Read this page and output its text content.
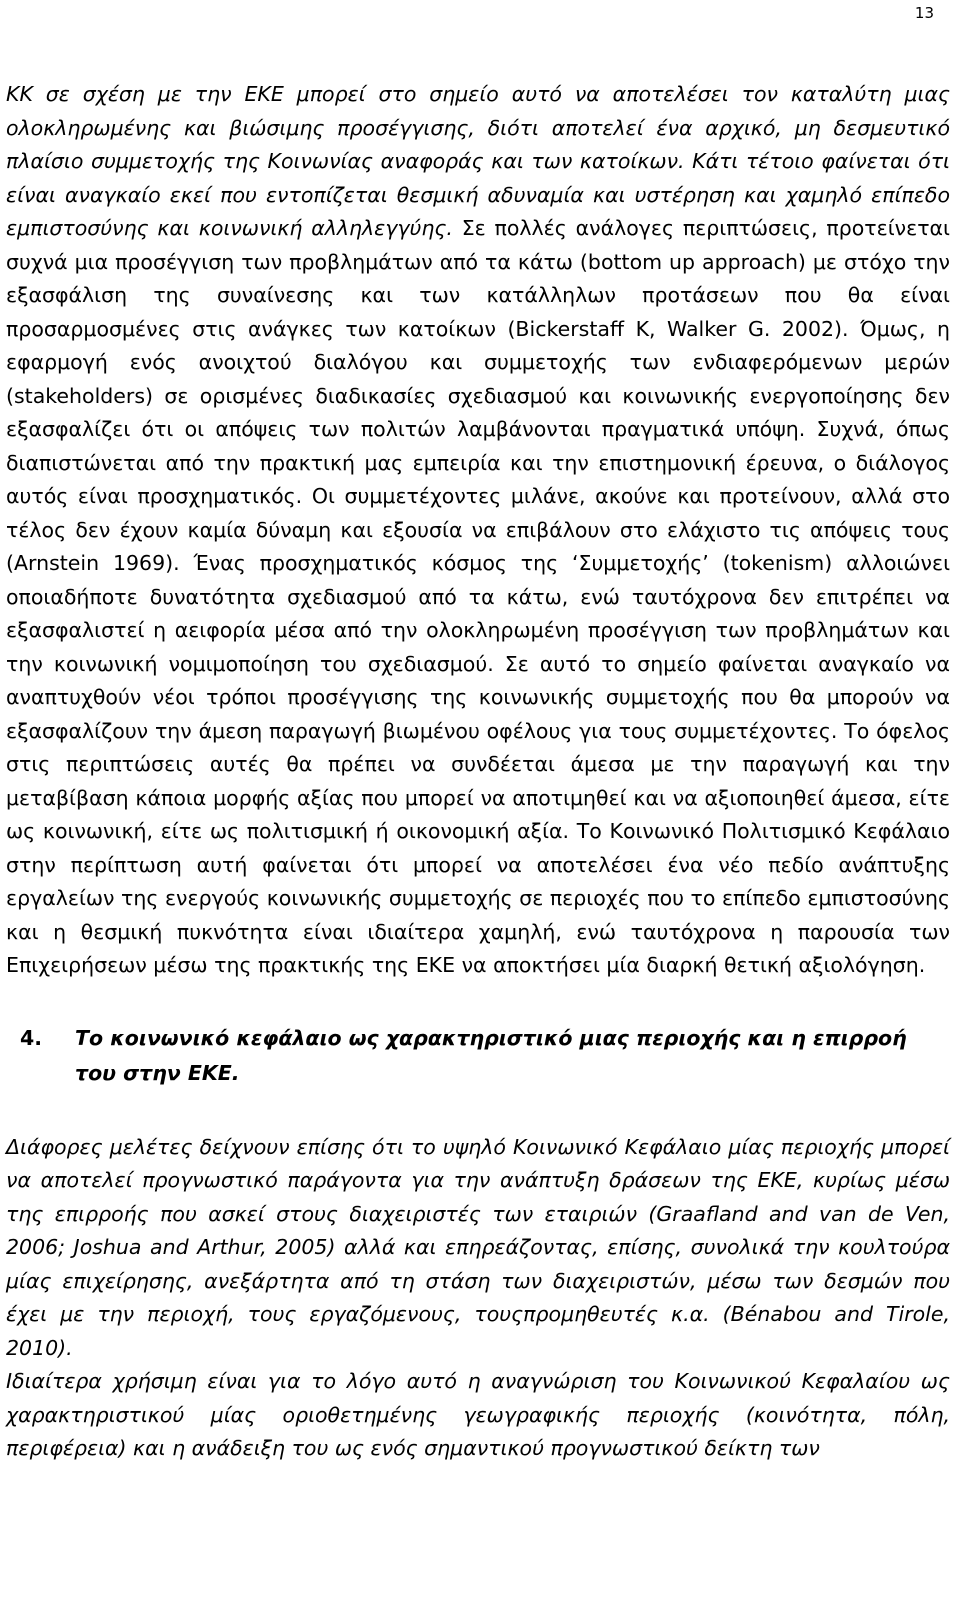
13

ΚΚ σε σχέση με την ΕΚΕ μπορεί στο σημείο αυτό να αποτελέσει τον καταλύτη μιας ολοκληρωμένης και βιώσιμης προσέγγισης, διότι αποτελεί ένα αρχικό, μη δεσμευτικό πλαίσιο συμμετοχής της Κοινωνίας αναφοράς και των κατοίκων. Κάτι τέτοιο φαίνεται ότι είναι αναγκαίο εκεί που εντοπίζεται θεσμική αδυναμία και υστέρηση και χαμηλό επίπεδο εμπιστοσύνης και κοινωνική αλληλεγγύης. Σε πολλές ανάλογες περιπτώσεις, προτείνεται συχνά μια προσέγγιση των προβλημάτων από τα κάτω (bottom up approach) με στόχο την εξασφάλιση της συναίνεσης και των κατάλληλων προτάσεων που θα είναι προσαρμοσμένες στις ανάγκες των κατοίκων (Bickerstaff K, Walker G. 2002). Όμως, η εφαρμογή ενός ανοιχτού διαλόγου και συμμετοχής των ενδιαφερόμενων μερών (stakeholders) σε ορισμένες διαδικασίες σχεδιασμού και κοινωνικής ενεργοποίησης δεν εξασφαλίζει ότι οι απόψεις των πολιτών λαμβάνονται πραγματικά υπόψη. Συχνά, όπως διαπιστώνεται από την πρακτική μας εμπειρία και την επιστημονική έρευνα, ο διάλογος αυτός είναι προσχηματικός. Οι συμμετέχοντες μιλάνε, ακούνε και προτείνουν, αλλά στο τέλος δεν έχουν καμία δύναμη και εξουσία να επιβάλουν στο ελάχιστο τις απόψεις τους (Arnstein 1969). Ένας προσχηματικός κόσμος της ‘Συμμετοχής’ (tokenism) αλλοιώνει οποιαδήποτε δυνατότητα σχεδιασμού από τα κάτω, ενώ ταυτόχρονα δεν επιτρέπει να εξασφαλιστεί η αειφορία μέσα από την ολοκληρωμένη προσέγγιση των προβλημάτων και την κοινωνική νομιμοποίηση του σχεδιασμού. Σε αυτό το σημείο φαίνεται αναγκαίο να αναπτυχθούν νέοι τρόποι προσέγγισης της κοινωνικής συμμετοχής που θα μπορούν να εξασφαλίζουν την άμεση παραγωγή βιωμένου οφέλους για τους συμμετέχοντες. Το όφελος στις περιπτώσεις αυτές θα πρέπει να συνδέεται άμεσα με την παραγωγή και την μεταβίβαση κάποια μορφής αξίας που μπορεί να αποτιμηθεί και να αξιοποιηθεί άμεσα, είτε ως κοινωνική, είτε ως πολιτισμική ή οικονομική αξία. Το Κοινωνικό Πολιτισμικό Κεφάλαιο στην περίπτωση αυτή φαίνεται ότι μπορεί να αποτελέσει ένα νέο πεδίο ανάπτυξης εργαλείων της ενεργούς κοινωνικής συμμετοχής σε περιοχές που το επίπεδο εμπιστοσύνης και η θεσμική πυκνότητα είναι ιδιαίτερα χαμηλή, ενώ ταυτόχρονα η παρουσία των Επιχειρήσεων μέσω της πρακτικής της ΕΚΕ να αποκτήσει μία διαρκή θετική αξιολόγηση.

4.	Το κοινωνικό κεφάλαιο ως χαρακτηριστικό μιας περιοχής και η επιρροή του στην ΕΚΕ.

Διάφορες μελέτες δείχνουν επίσης ότι το υψηλό Κοινωνικό Κεφάλαιο μίας περιοχής μπορεί να αποτελεί προγνωστικό παράγοντα για την ανάπτυξη δράσεων της ΕΚΕ, κυρίως μέσω της επιρροής που ασκεί στους διαχειριστές των εταιριών (Graafland and van de Ven, 2006; Joshua and Arthur, 2005) αλλά και επηρεάζοντας, επίσης, συνολικά την κουλτούρα μίας επιχείρησης, ανεξάρτητα από τη στάση των διαχειριστών, μέσω των δεσμών που έχει με την περιοχή, τους εργαζόμενους, τουςπρομηθευτές κ.α. (Bénabou and Tirole, 2010).

Ιδιαίτερα χρήσιμη είναι για το λόγο αυτό η αναγνώριση του Κοινωνικού Κεφαλαίου ως χαρακτηριστικού μίας οριοθετημένης γεωγραφικής περιοχής (κοινότητα, πόλη, περιφέρεια) και η ανάδειξη του ως ενός σημαντικού προγνωστικού δείκτη των
